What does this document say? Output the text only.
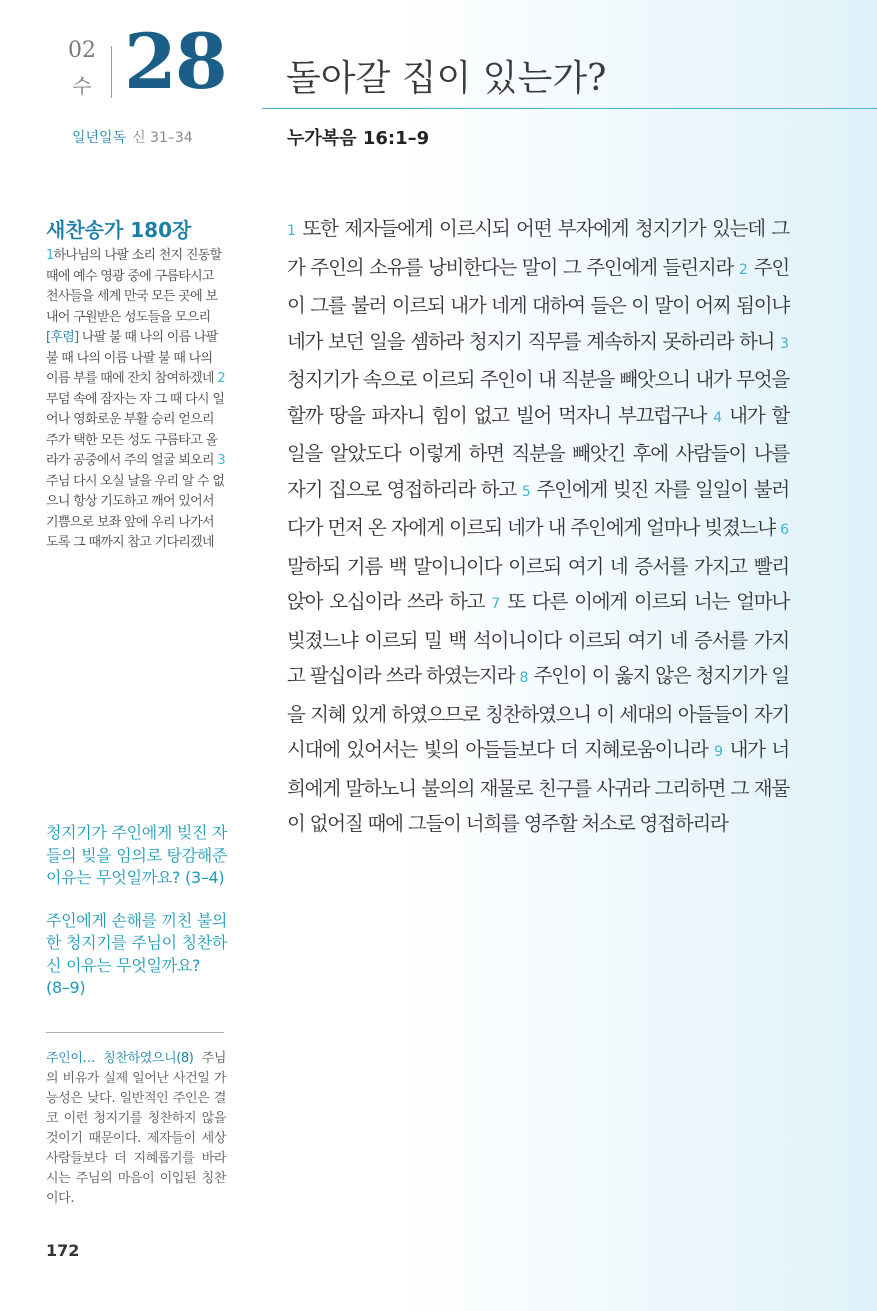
02
수 28 돌아갈 집이 있는가?
일년일독 신 31–34	누가복음 16:1–9
새찬송가 180장
1하나님의 나팔 소리 천지 진동할 때에 예수 영광 중에 구름타시고 천사들을 세계 만국 모든 곳에 보내어 구원받은 성도들을 모으리 [후렴] 나팔 불 때 나의 이름 나팔 불 때 나의 이름 나팔 불 때 나의 이름 부를 때에 잔치 참여하겠네 2 무덤 속에 잠자는 자 그 때 다시 일어나 영화로운 부활 승리 얻으리 주가 택한 모든 성도 구름타고 올라가 공중에서 주의 얼굴 뵈오리 3 주님 다시 오실 날을 우리 알 수 없으니 항상 기도하고 깨어 있어서 기쁨으로 보좌 앞에 우리 나가서 도록 그 때까지 참고 기다리겠네

청지기가 주인에게 빚진 자들의 빚을 임의로 탕감해준 이유는 무엇일까요? (3–4)

주인에게 손해를 끼친 불의한 청지기를 주님이 칭찬하신 이유는 무엇일까요? (8–9)

주인이… 칭찬하였으니(8) 주님의 비유가 실제 일어난 사건일 가능성은 낮다. 일반적인 주인은 결코 이런 청지기를 칭찬하지 않을 것이기 때문이다. 제자들이 세상 사람들보다 더 지혜롭기를 바라시는 주님의 마음이 이입된 칭찬이다.
172
1 또한 제자들에게 이르시되 어떤 부자에게 청지기가 있는데 그가 주인의 소유를 낭비한다는 말이 그 주인에게 들린지라 2 주인이 그를 불러 이르되 내가 네게 대하여 들은 이 말이 어찌 됨이냐 네가 보던 일을 셈하라 청지기 직무를 계속하지 못하리라 하니 3 청지기가 속으로 이르되 주인이 내 직분을 빼앗으니 내가 무엇을 할까 땅을 파자니 힘이 없고 빌어 먹자니 부끄럽구나 4 내가 할 일을 알았도다 이렇게 하면 직분을 빼앗긴 후에 사람들이 나를 자기 집으로 영접하리라 하고 5 주인에게 빚진 자를 일일이 불러다가 먼저 온 자에게 이르되 네가 내 주인에게 얼마나 빚졌느냐 6 말하되 기름 백 말이니이다 이르되 여기 네 증서를 가지고 빨리 앉아 오십이라 쓰라 하고 7 또 다른 이에게 이르되 너는 얼마나 빚졌느냐 이르되 밀 백 석이니이다 이르되 여기 네 증서를 가지고 팔십이라 쓰라 하였는지라 8 주인이 이 옳지 않은 청지기가 일을 지혜 있게 하였으므로 칭찬하였으니 이 세대의 아들들이 자기 시대에 있어서는 빛의 아들들보다 더 지혜로움이니라 9 내가 너희에게 말하노니 불의의 재물로 친구를 사귀라 그리하면 그 재물이 없어질 때에 그들이 너희를 영주할 처소로 영접하리라
